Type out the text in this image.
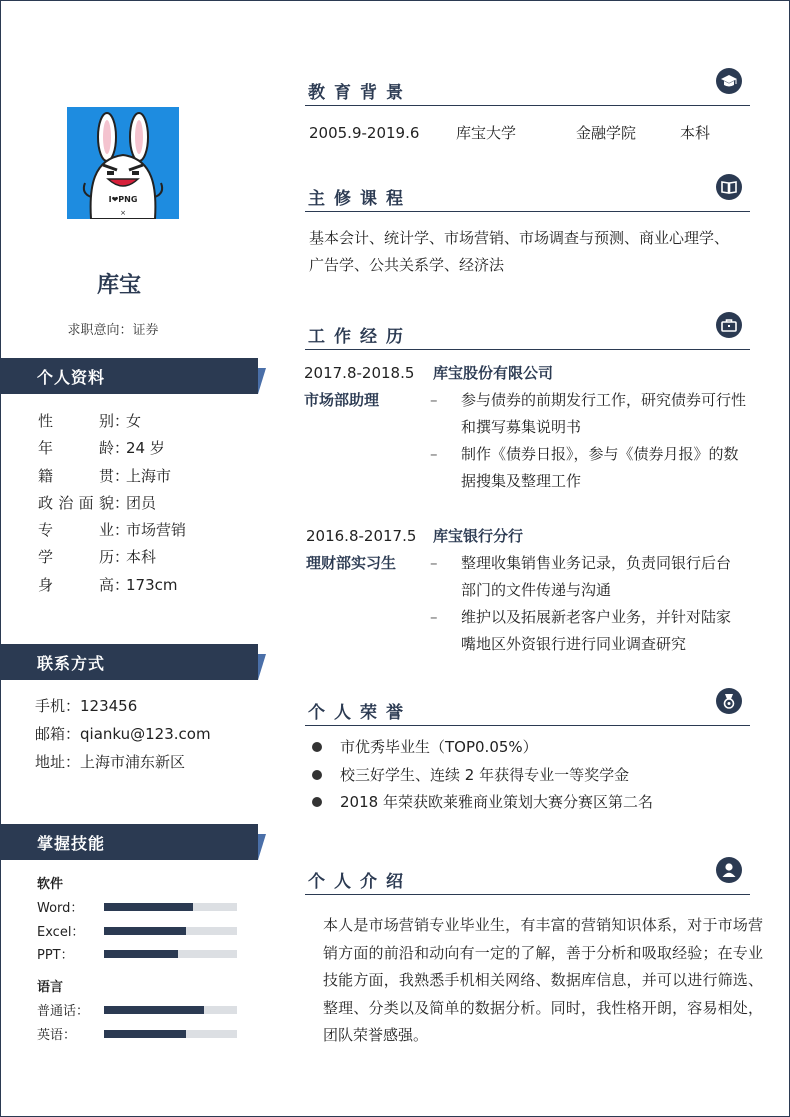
I❤PNG
×
库宝
求职意向：证券
个人资料
性别 ：
女
年龄 ：
24 岁
籍贯 ：
上海市
政治面貌 ：
团员
专业 ：
市场营销
学历 ：
本科
身高 ：
173cm
联系方式
手机：123456
邮箱：qianku@123.com
地址：上海市浦东新区
掌握技能
软件
Word：
Excel：
PPT：
语言
普通话：
英语：
教育背景
2005.9-2019.6 库宝大学	金融学院	本科
主修课程
基本会计、统计学、市场营销、市场调查与预测、商业心理学、
广告学、公共关系学、经济法
工作经历
2017.8-2018.5
市场部助理
库宝股份有限公司
–	参与债券的前期发行工作，研究债券可行性
和撰写募集说明书
–	制作《债券日报》，参与《债券月报》的数
据搜集及整理工作
2016.8-2017.5
理财部实习生
库宝银行分行
–	整理收集销售业务记录，负责同银行后台
部门的文件传递与沟通
–	维护以及拓展新老客户业务，并针对陆家
嘴地区外资银行进行同业调查研究
个人荣誉
市优秀毕业生（TOP0.05%）
校三好学生、连续 2 年获得专业一等奖学金
2018 年荣获欧莱雅商业策划大赛分赛区第二名
个人介绍
本人是市场营销专业毕业生，有丰富的营销知识体系，对于市场营销方面的前沿和动向有一定的了解，善于分析和吸取经验；在专业技能方面，我熟悉手机相关网络、数据库信息，并可以进行筛选、整理、分类以及简单的数据分析。同时，我性格开朗，容易相处，团队荣誉感强。
